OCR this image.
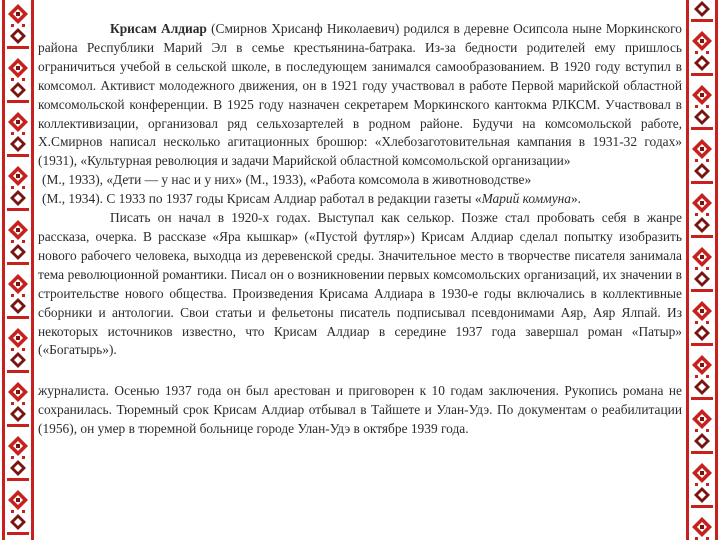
Крисам Алдиар (Смирнов Хрисанф Николаевич) родился в деревне Осипсола ныне Моркинского района Республики Марий Эл в семье крестьянина-батрака. Из-за бедности родителей ему пришлось ограничиться учебой в сельской школе, в последующем занимался самообразованием. В 1920 году вступил в комсомол. Активист молодежного движения, он в 1921 году участвовал в работе Первой марийской областной комсомольской конференции. В 1925 году назначен секретарем Моркинского кантокма РЛКСМ. Участвовал в коллективизации, организовал ряд сельхозартелей в родном районе. Будучи на комсомольской работе, Х.Смирнов написал несколько агитационных брошюр: «Хлебозаготовительная кампания в 1931-32 годах» (1931), «Культурная революция и задачи Марийской областной комсомольской организации»

(М., 1933), «Дети — у нас и у них» (М., 1933), «Работа комсомола в животноводстве»

(М., 1934). С 1933 по 1937 годы Крисам Алдиар работал в редакции газеты «Марий коммуна».

Писать он начал в 1920-х годах. Выступал как селькор. Позже стал пробовать себя в жанре рассказа, очерка. В рассказе «Яра кышкар» («Пустой футляр») Крисам Алдиар сделал попытку изобразить нового рабочего человека, выходца из деревенской среды. Значительное место в творчестве писателя занимала тема революционной романтики. Писал он о возникновении первых комсомольских организаций, их значении в строительстве нового общества. Произведения Крисама Алдиара в 1930-е годы включались в коллективные сборники и антологии. Свои статьи и фельетоны писатель подписывал псевдонимами Аяр, Аяр Ялпай. Из некоторых источников известно, что Крисам Алдиар в середине 1937 года завершал роман «Патыр» («Богатырь»).

журналиста. Осенью 1937 года он был арестован и приговорен к 10 годам заключения. Рукопись романа не сохранилась. Тюремный срок Крисам Алдиар отбывал в Тайшете и Улан-Удэ. По документам о реабилитации (1956), он умер в тюремной больнице городе Улан-Удэ в октябре 1939 года.
